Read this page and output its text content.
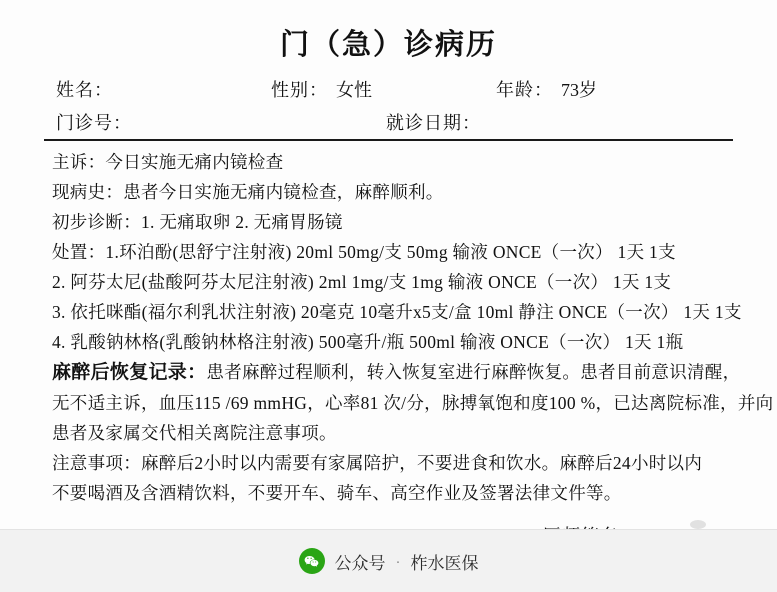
门（急）诊病历
姓名：	性别： 女性	年龄： 73岁
门诊号：	就诊日期：
主诉：今日实施无痛内镜检查
现病史：患者今日实施无痛内镜检查，麻醉顺利。
初步诊断：1. 无痛取卵 2. 无痛胃肠镜
处置：1.环泊酚(思舒宁注射液) 20ml 50mg/支 50mg 输液 ONCE（一次） 1天 1支
2. 阿芬太尼(盐酸阿芬太尼注射液) 2ml 1mg/支 1mg 输液 ONCE（一次） 1天 1支
3. 依托咪酯(福尔利乳状注射液) 20毫克 10毫升x5支/盒 10ml 静注 ONCE（一次） 1天 1支
4. 乳酸钠林格(乳酸钠林格注射液) 500毫升/瓶 500ml 输液 ONCE（一次） 1天 1瓶
麻醉后恢复记录：患者麻醉过程顺利，转入恢复室进行麻醉恢复。患者目前意识清醒，
无不适主诉，血压115 /69 mmHG，心率81 次/分，脉搏氧饱和度100 %，已达离院标准，并向
患者及家属交代相关离院注意事项。
注意事项：麻醉后2小时以内需要有家属陪护，不要进食和饮水。麻醉后24小时以内
不要喝酒及含酒精饮料，不要开车、骑车、高空作业及签署法律文件等。
公众号 · 柞水医保
